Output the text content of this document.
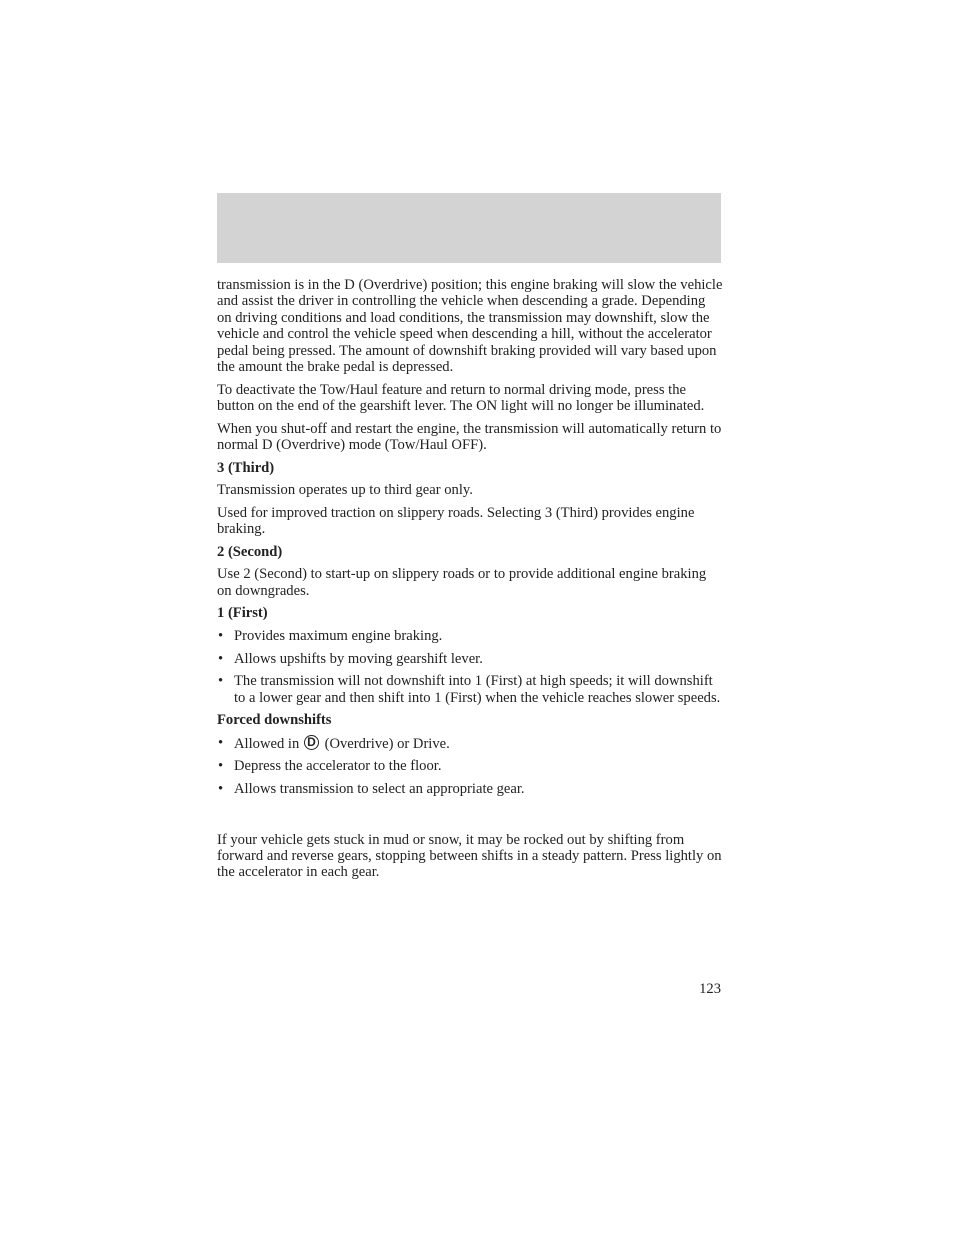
transmission is in the D (Overdrive) position; this engine braking will slow the vehicle and assist the driver in controlling the vehicle when descending a grade. Depending on driving conditions and load conditions, the transmission may downshift, slow the vehicle and control the vehicle speed when descending a hill, without the accelerator pedal being pressed. The amount of downshift braking provided will vary based upon the amount the brake pedal is depressed.

To deactivate the Tow/Haul feature and return to normal driving mode, press the button on the end of the gearshift lever. The ON light will no longer be illuminated.

When you shut-off and restart the engine, the transmission will automatically return to normal D (Overdrive) mode (Tow/Haul OFF).

3 (Third)

Transmission operates up to third gear only.

Used for improved traction on slippery roads. Selecting 3 (Third) provides engine braking.

2 (Second)

Use 2 (Second) to start-up on slippery roads or to provide additional engine braking on downgrades.

1 (First)
• Provides maximum engine braking.
• Allows upshifts by moving gearshift lever.
• The transmission will not downshift into 1 (First) at high speeds; it will downshift to a lower gear and then shift into 1 (First) when the vehicle reaches slower speeds.
Forced downshifts
• Allowed in D (Overdrive) or Drive.
• Depress the accelerator to the floor.
• Allows transmission to select an appropriate gear.

If your vehicle gets stuck in mud or snow, it may be rocked out by shifting from forward and reverse gears, stopping between shifts in a steady pattern. Press lightly on the accelerator in each gear.

123
